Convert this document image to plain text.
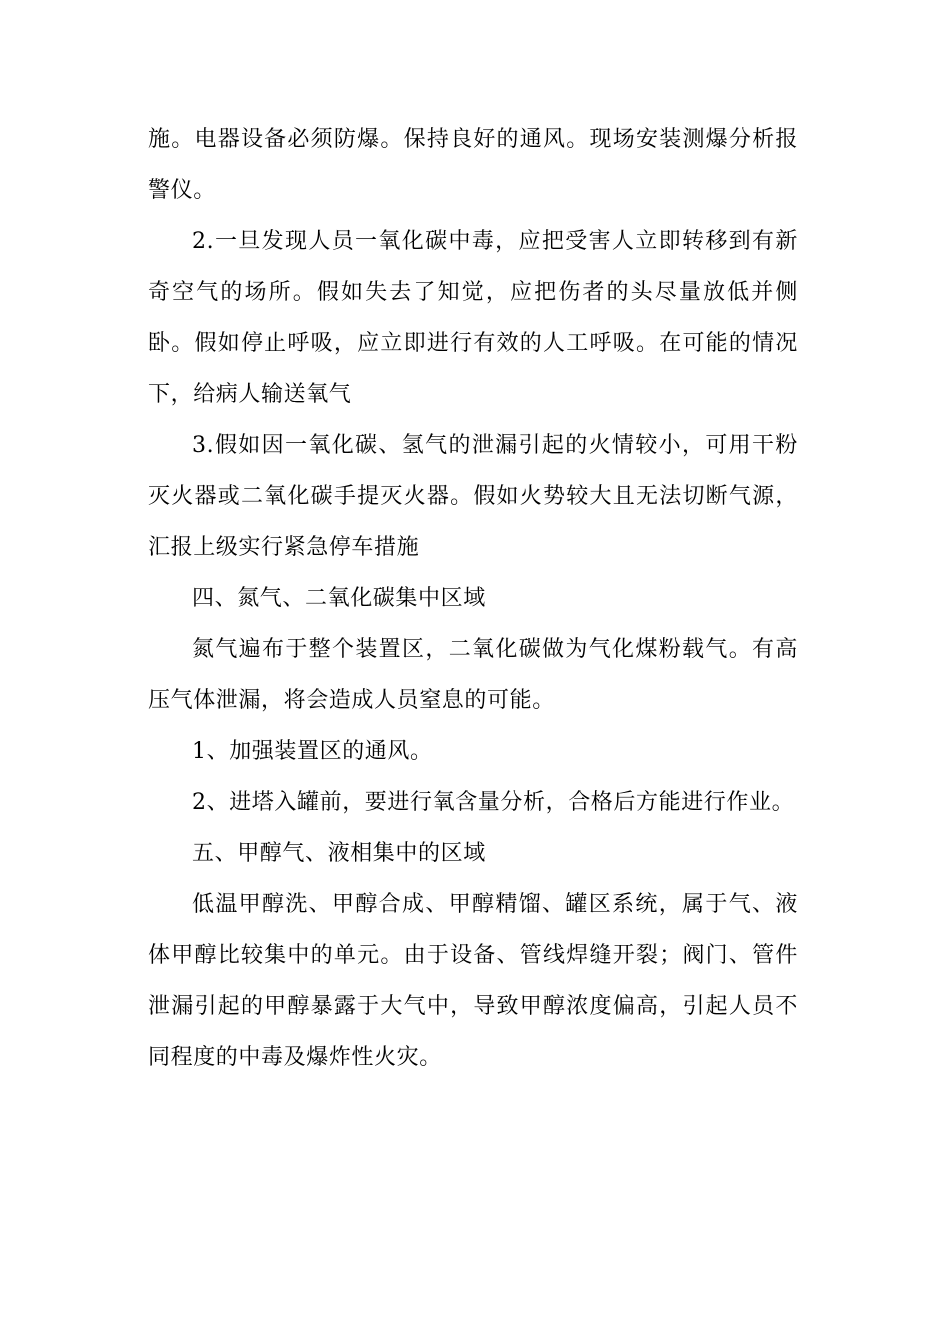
施。电器设备必须防爆。保持良好的通风。现场安装测爆分析报警仪。

2.一旦发现人员一氧化碳中毒，应把受害人立即转移到有新奇空气的场所。假如失去了知觉，应把伤者的头尽量放低并侧卧。假如停止呼吸，应立即进行有效的人工呼吸。在可能的情况下，给病人输送氧气

3.假如因一氧化碳、氢气的泄漏引起的火情较小，可用干粉灭火器或二氧化碳手提灭火器。假如火势较大且无法切断气源，汇报上级实行紧急停车措施

四、氮气、二氧化碳集中区域

氮气遍布于整个装置区，二氧化碳做为气化煤粉载气。有高压气体泄漏，将会造成人员窒息的可能。

1、加强装置区的通风。

2、进塔入罐前，要进行氧含量分析，合格后方能进行作业。

五、甲醇气、液相集中的区域

低温甲醇洗、甲醇合成、甲醇精馏、罐区系统，属于气、液体甲醇比较集中的单元。由于设备、管线焊缝开裂；阀门、管件泄漏引起的甲醇暴露于大气中，导致甲醇浓度偏高，引起人员不同程度的中毒及爆炸性火灾。
